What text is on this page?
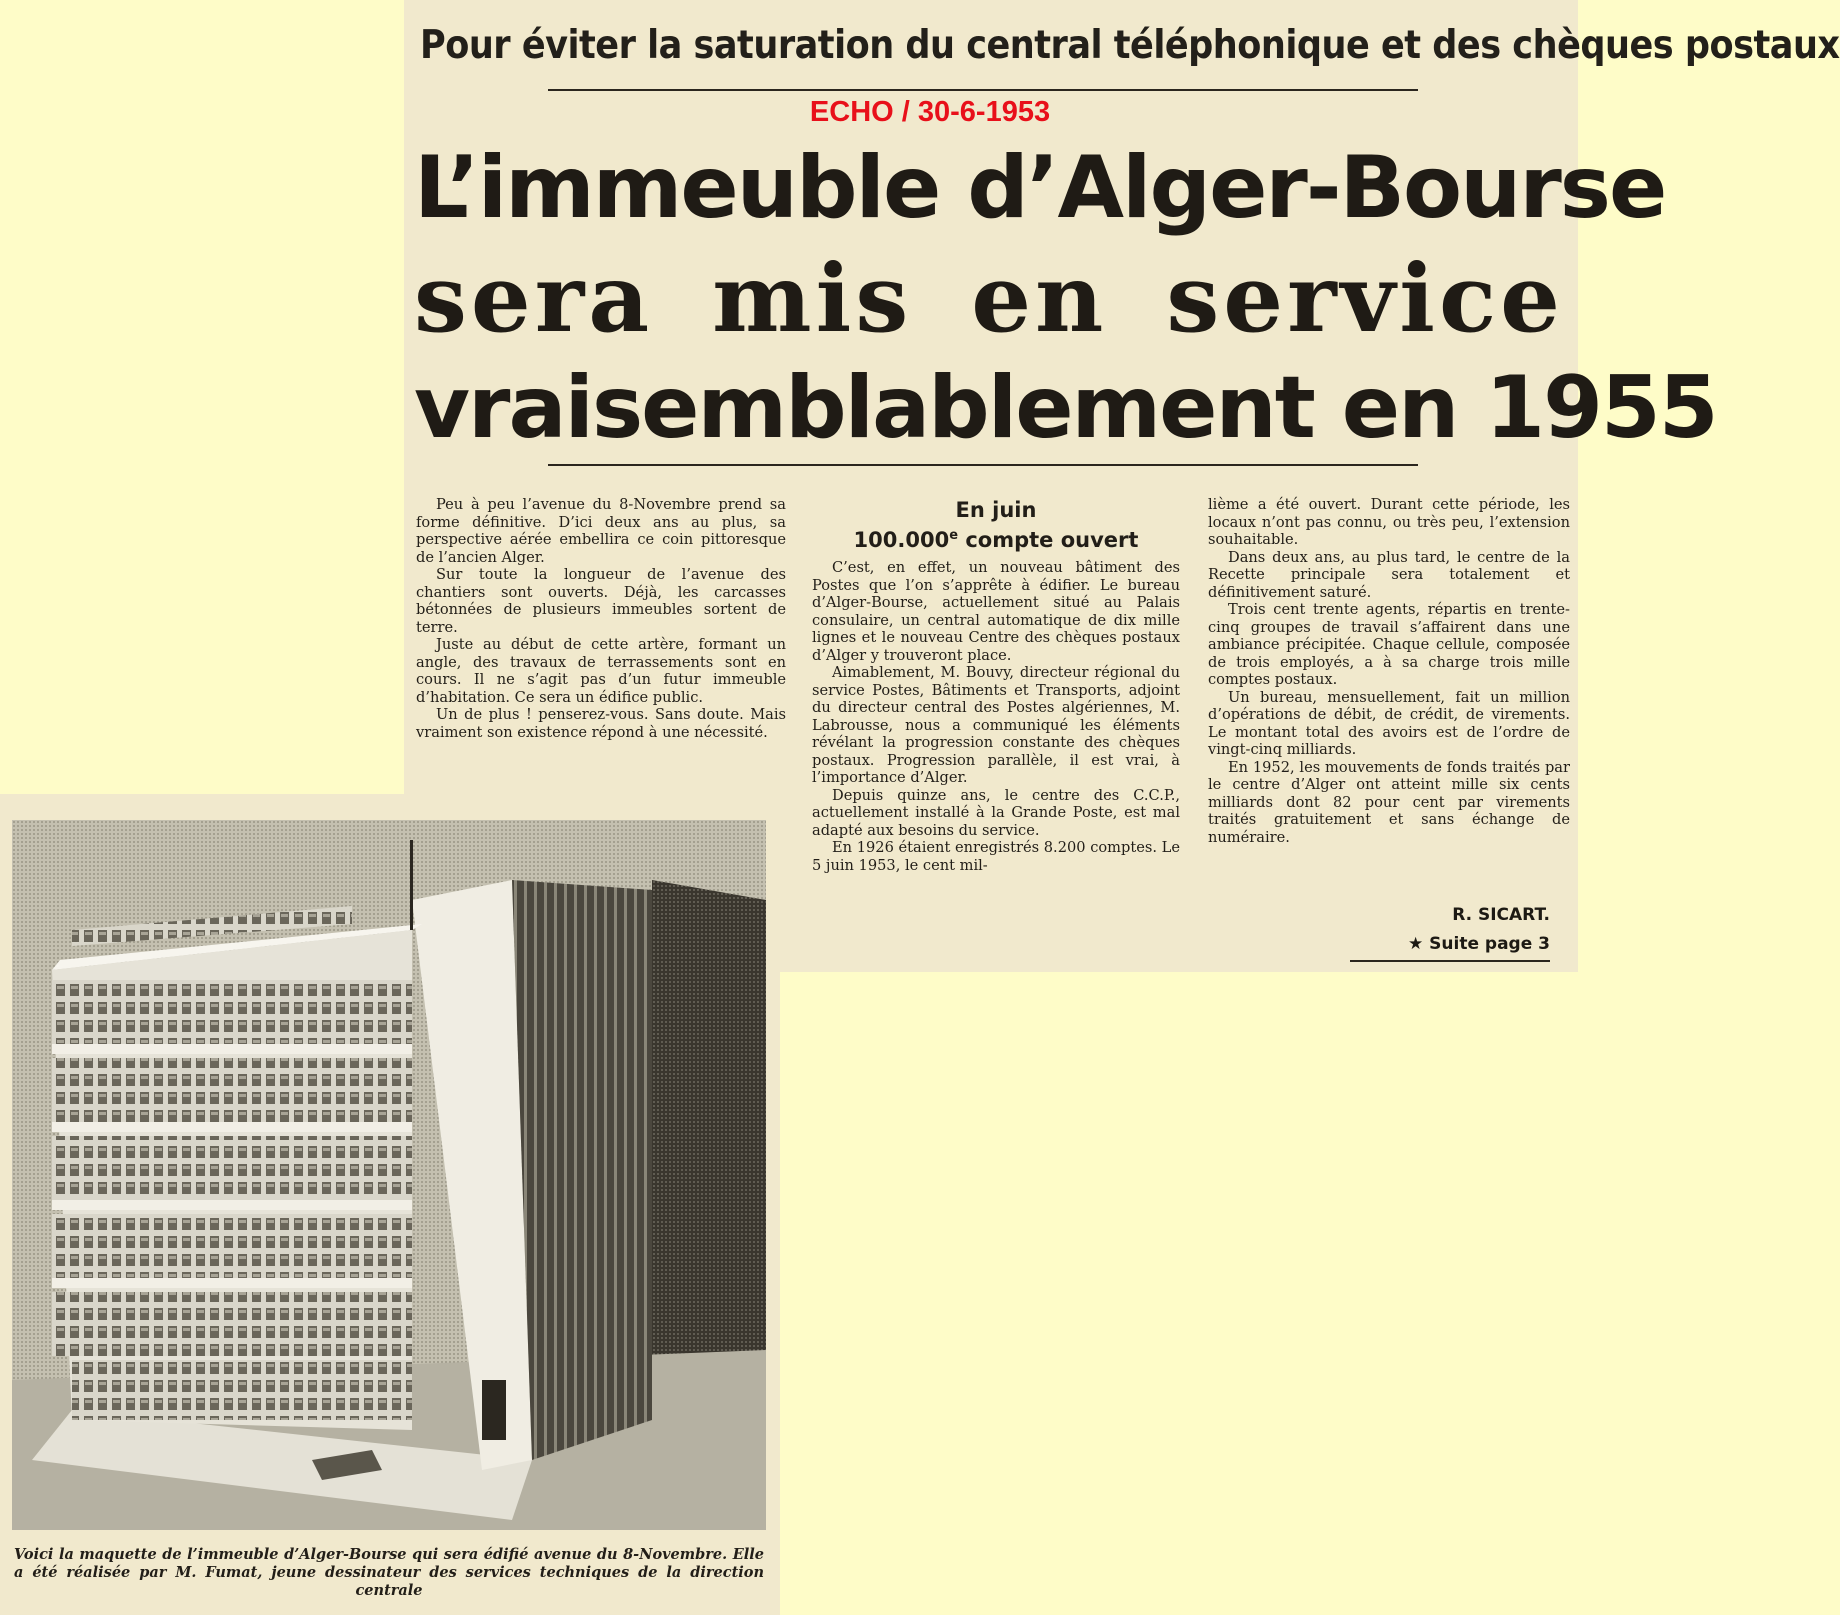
Pour éviter la saturation du central téléphonique et des chèques postaux
ECHO / 30-6-1953
L’immeuble d’Alger-Bourse
sera mis en service
vraisemblablement en 1955

Peu à peu l’avenue du 8-Novembre prend sa forme définitive. D’ici deux ans au plus, sa perspective aérée embellira ce coin pittoresque de l’ancien Alger.

Sur toute la longueur de l’avenue des chantiers sont ouverts. Déjà, les carcasses bétonnées de plusieurs immeubles sortent de terre.

Juste au début de cette artère, formant un angle, des travaux de terrassements sont en cours. Il ne s’agit pas d’un futur immeuble d’habitation. Ce sera un édifice public.

Un de plus ! penserez-vous. Sans doute. Mais vraiment son existence répond à une nécessité.

En juin
100.000e compte ouvert

C’est, en effet, un nouveau bâtiment des Postes que l’on s’apprête à édifier. Le bureau d’Alger-Bourse, actuellement situé au Palais consulaire, un central automatique de dix mille lignes et le nouveau Centre des chèques postaux d’Alger y trouveront place.

Aimablement, M. Bouvy, directeur régional du service Postes, Bâtiments et Transports, adjoint du directeur central des Postes algériennes, M. Labrousse, nous a communiqué les éléments révélant la progression constante des chèques postaux. Progression parallèle, il est vrai, à l’importance d’Alger.

Depuis quinze ans, le centre des C.C.P., actuellement installé à la Grande Poste, est mal adapté aux besoins du service.

En 1926 étaient enregistrés 8.200 comptes. Le 5 juin 1953, le cent mil-

lième a été ouvert. Durant cette période, les locaux n’ont pas connu, ou très peu, l’extension souhaitable.

Dans deux ans, au plus tard, le centre de la Recette principale sera totalement et définitivement saturé.

Trois cent trente agents, répartis en trente-cinq groupes de travail s’affairent dans une ambiance précipitée. Chaque cellule, composée de trois employés, a à sa charge trois mille comptes postaux.

Un bureau, mensuellement, fait un million d’opérations de débit, de crédit, de virements. Le montant total des avoirs est de l’ordre de vingt-cinq milliards.

En 1952, les mouvements de fonds traités par le centre d’Alger ont atteint mille six cents milliards dont 82 pour cent par virements traités gratuitement et sans échange de numéraire.

R. SICART.
★ Suite page 3
Voici la maquette de l’immeuble d’Alger-Bourse qui sera édifié avenue du 8-Novembre. Elle a été réalisée par M. Fumat, jeune dessinateur des services techniques de la direction centrale
